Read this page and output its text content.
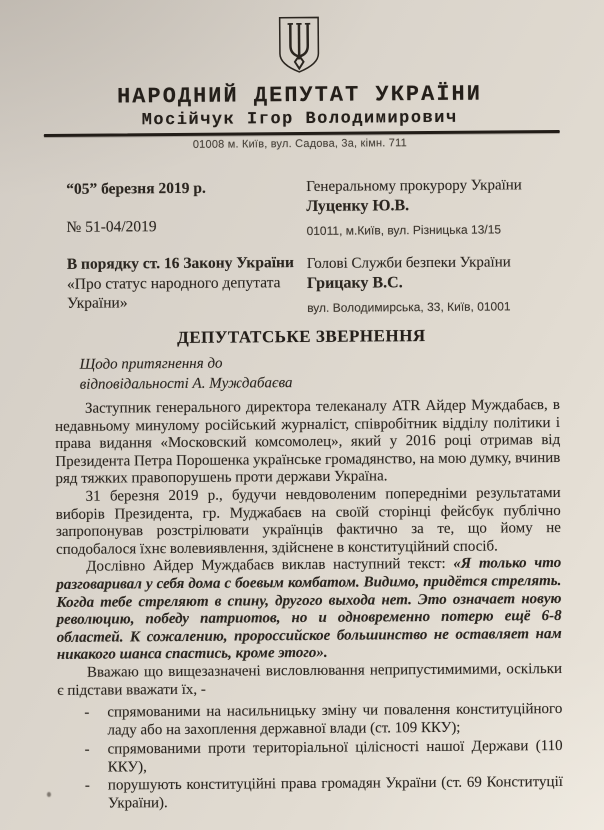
НАРОДНИЙ ДЕПУТАТ УКРАЇНИ
Мосійчук Ігор Володимирович
01008 м. Київ, вул. Садова, 3а, кімн. 711
“05” березня 2019 р.
№ 51-04/2019
В порядку ст. 16 Закону України
«Про статус народного депутата України»
Генеральному прокурору України
Луценку Ю.В.
01011, м.Київ, вул. Різницька 13/15
Голові Служби безпеки України
Грицаку В.С.
вул. Володимирська, 33, Київ, 01001
ДЕПУТАТСЬКЕ ЗВЕРНЕННЯ
Щодо притягнення до
відповідальності А. Муждабаєва

Заступник генерального директора телеканалу ATR Айдер Муждабаєв, в недавньому минулому російський журналіст, співробітник відділу політики і права видання «Московский комсомолец», який у 2016 році отримав від Президента Петра Порошенка українське громадянство, на мою думку, вчинив ряд тяжких правопорушень проти держави Україна.

31 березня 2019 р., будучи невдоволеним попередніми результатами виборів Президента, гр. Муджабаєв на своїй сторінці фейсбук публічно запропонував розстрілювати українців фактично за те, що йому не сподобалося їхнє волевиявлення, здійснене в конституційний спосіб.

Дослівно Айдер Муждабаєв виклав наступний текст: «Я только что разговаривал у себя дома с боевым комбатом. Видимо, придётся стрелять. Когда тебе стреляют в спину, другого выхода нет. Это означает новую революцию, победу патриотов, но и одновременно потерю ещё 6-8 областей. К сожалению, пророссийское большинство не оставляет нам никакого шанса спастись, кроме этого».

Вважаю що вищезазначені висловлювання неприпустимимими, оскільки є підстави вважати їх, -

-	спрямованими на насильницьку зміну чи повалення конституційного ладу або на захоплення державної влади (ст. 109 ККУ);
-	спрямованими проти територіальної цілісності нашої Держави (110 ККУ),
-	порушують конституційні права громадян України (ст. 69 Конституції України).
